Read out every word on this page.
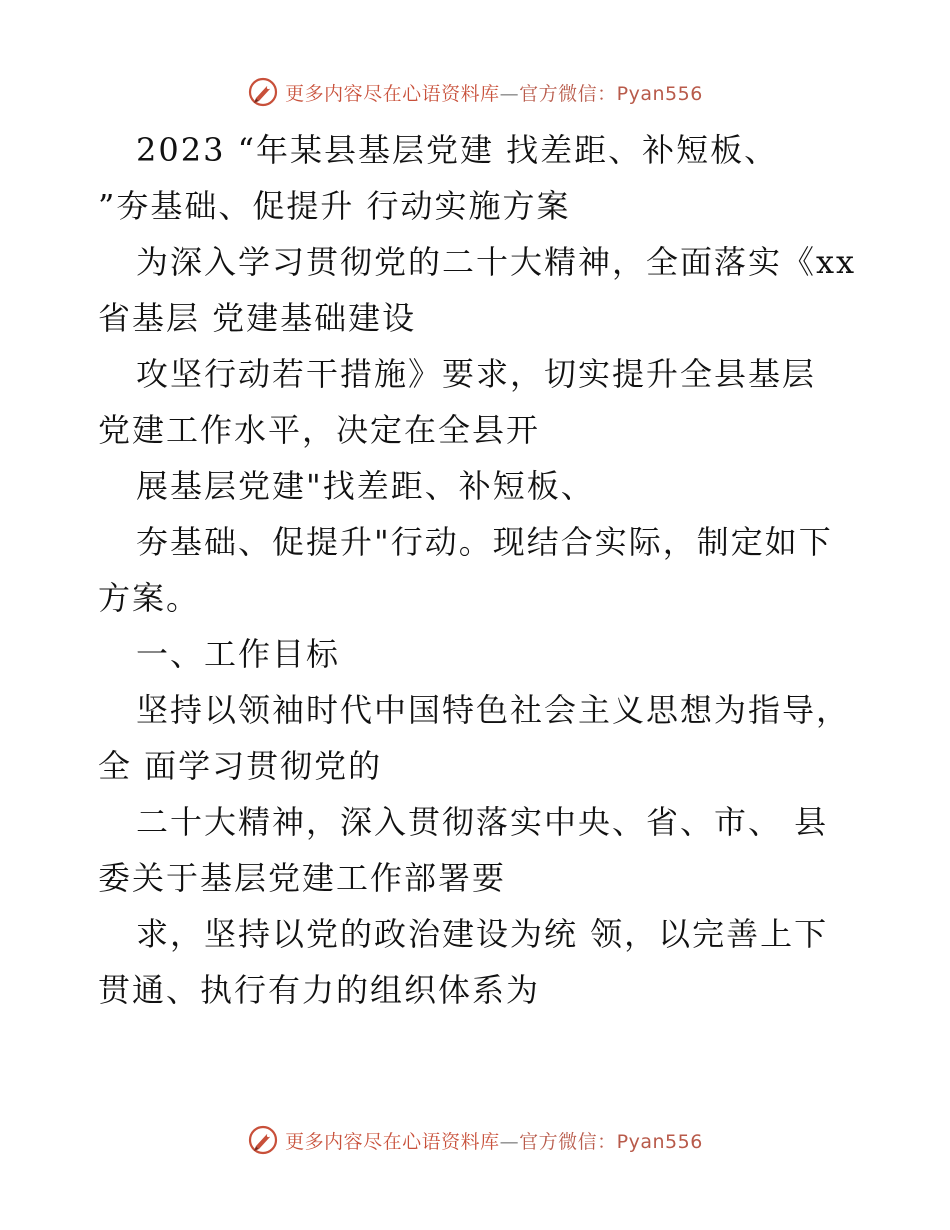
更多内容尽在心语资料库—官方微信：Pyan556
2023 “年某县基层党建 找差距、补短板、
”夯基础、促提升 行动实施方案
为深入学习贯彻党的二十大精神，全面落实《xx
省基层 党建基础建设
攻坚行动若干措施》要求，切实提升全县基层
党建工作水平，决定在全县开
展基层党建"找差距、补短板、
夯基础、促提升"行动。现结合实际，制定如下
方案。
一、工作目标
坚持以领袖时代中国特色社会主义思想为指导，
全 面学习贯彻党的
二十大精神，深入贯彻落实中央、省、市、 县
委关于基层党建工作部署要
求，坚持以党的政治建设为统 领，以完善上下
贯通、执行有力的组织体系为
更多内容尽在心语资料库—官方微信：Pyan556
